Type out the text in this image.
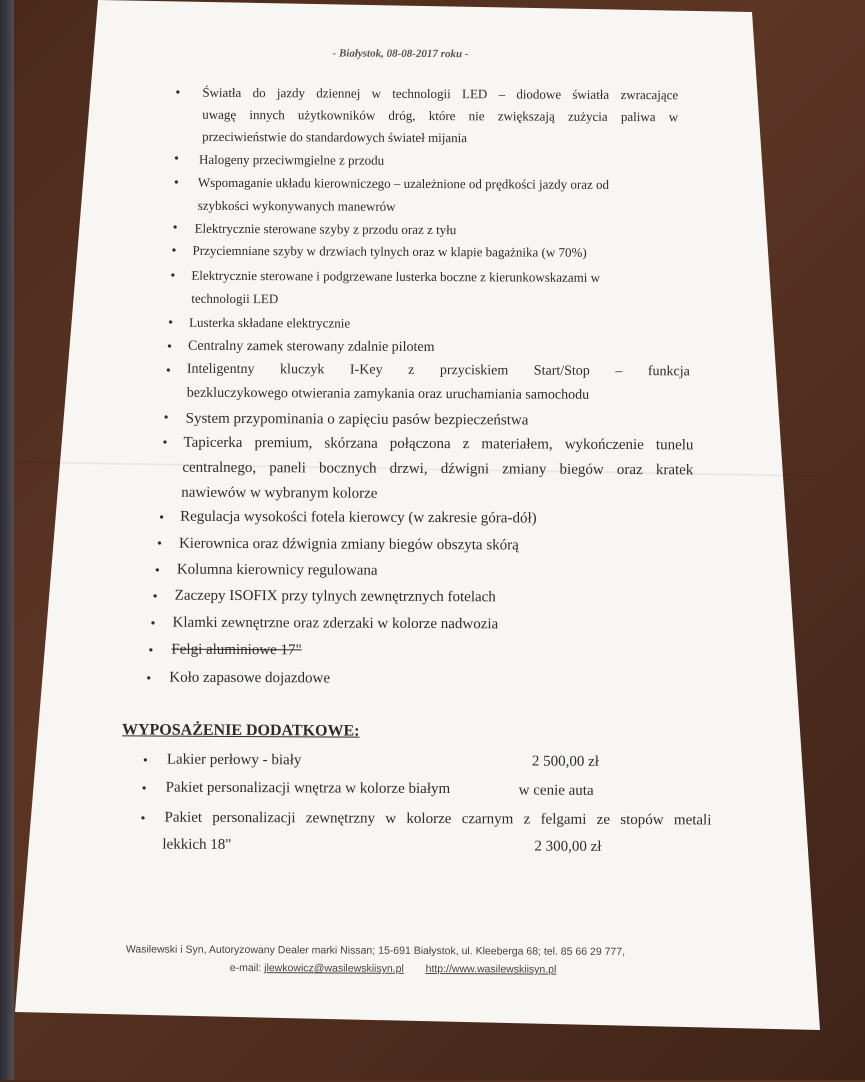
- Białystok, 08-08-2017 roku -
• Światła do jazdy dziennej w technologii LED – diodowe światła zwracające
uwagę innych użytkowników dróg, które nie zwiększają zużycia paliwa w
przeciwieństwie do standardowych świateł mijania
• Halogeny przeciwmgielne z przodu
• Wspomaganie układu kierowniczego – uzależnione od prędkości jazdy oraz od
szybkości wykonywanych manewrów
• Elektrycznie sterowane szyby z przodu oraz z tyłu
• Przyciemniane szyby w drzwiach tylnych oraz w klapie bagażnika (w 70%)
• Elektrycznie sterowane i podgrzewane lusterka boczne z kierunkowskazami w
technologii LED
• Lusterka składane elektrycznie
• Centralny zamek sterowany zdalnie pilotem
• Inteligentny kluczyk I-Key z przyciskiem Start/Stop – funkcja
bezkluczykowego otwierania zamykania oraz uruchamiania samochodu
• System przypominania o zapięciu pasów bezpieczeństwa
• Tapicerka premium, skórzana połączona z materiałem, wykończenie tunelu
centralnego, paneli bocznych drzwi, dźwigni zmiany biegów oraz kratek
nawiewów w wybranym kolorze
• Regulacja wysokości fotela kierowcy (w zakresie góra-dół)
• Kierownica oraz dźwignia zmiany biegów obszyta skórą
• Kolumna kierownicy regulowana
• Zaczepy ISOFIX przy tylnych zewnętrznych fotelach
• Klamki zewnętrzne oraz zderzaki w kolorze nadwozia
• Felgi aluminiowe 17"
• Koło zapasowe dojazdowe
WYPOSAŻENIE DODATKOWE:
• Lakier perłowy - biały	2 500,00 zł
• Pakiet personalizacji wnętrza w kolorze białym	w cenie auta
• Pakiet personalizacji zewnętrzny w kolorze czarnym z felgami ze stopów metali
lekkich 18"	2 300,00 zł
Wasilewski i Syn, Autoryzowany Dealer marki Nissan; 15-691 Białystok, ul. Kleeberga 68; tel. 85 66 29 777,
e-mail: jlewkowicz@wasilewskiisyn.pl http://www.wasilewskiisyn.pl
